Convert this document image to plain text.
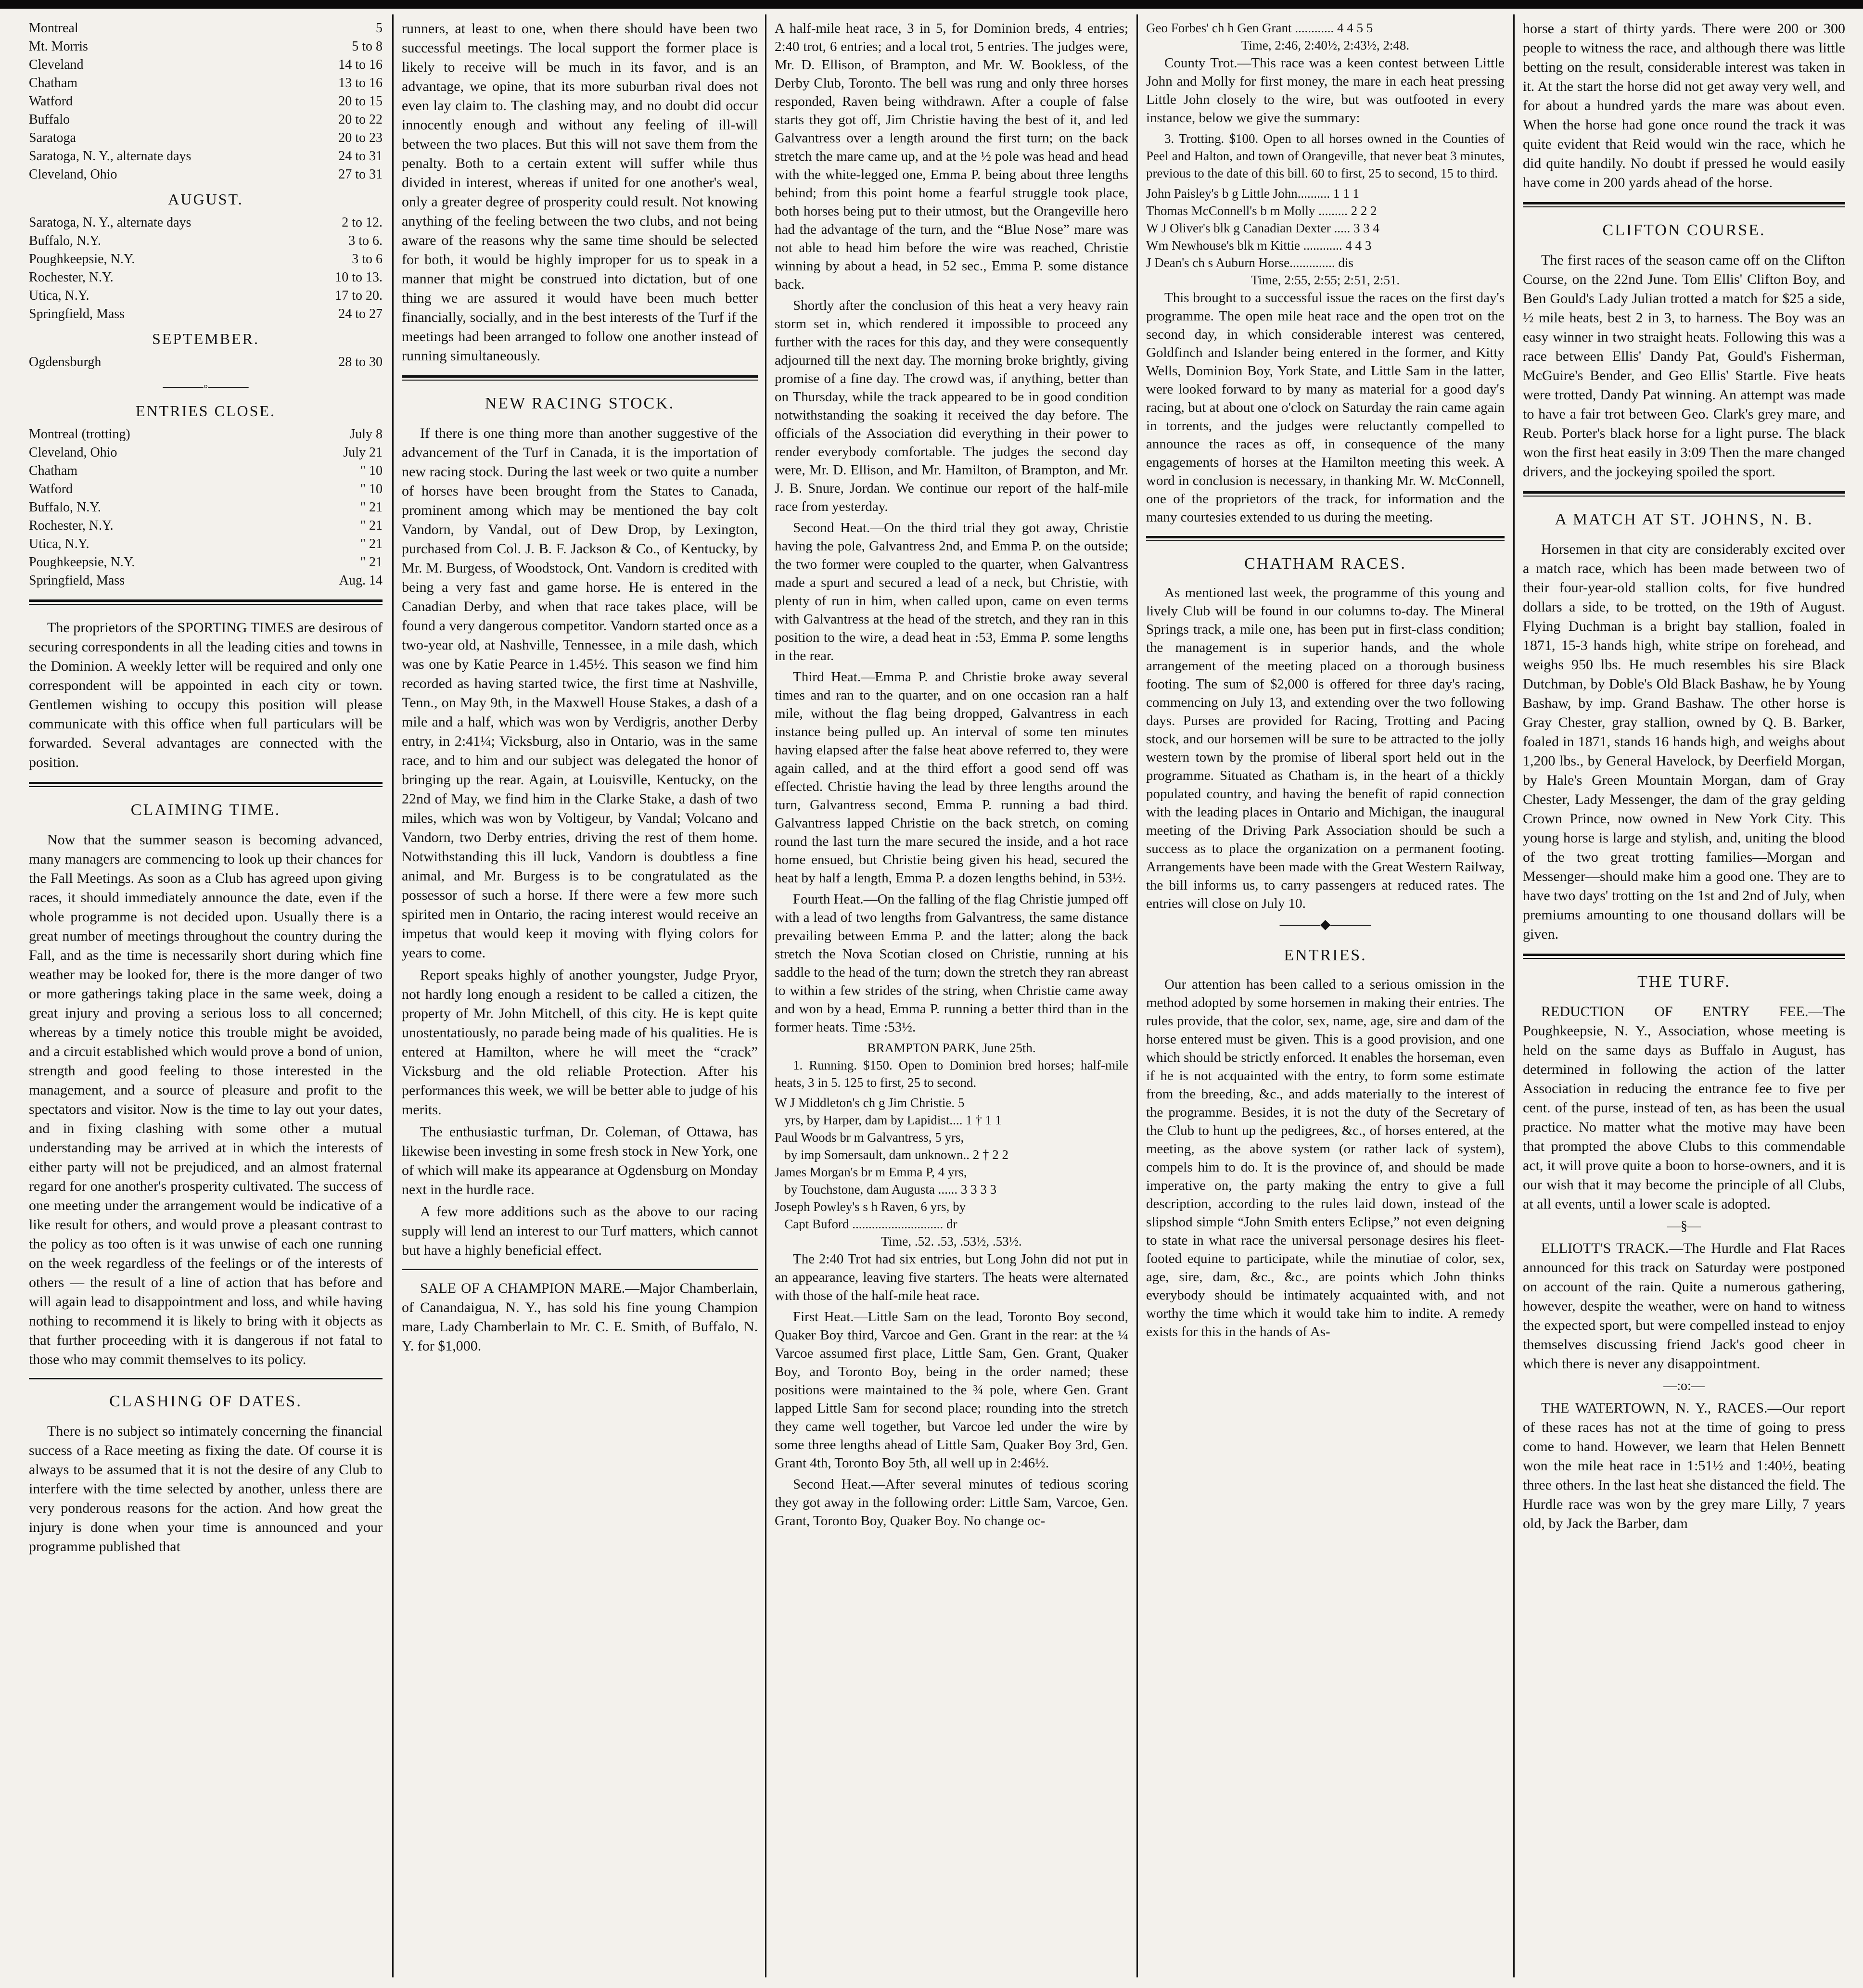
Montreal	5
Mt. Morris	5 to 8
Cleveland	14 to 16
Chatham	13 to 16
Watford	20 to 15
Buffalo	20 to 22
Saratoga	20 to 23
Saratoga, N. Y., alternate days	24 to 31
Cleveland, Ohio	27 to 31
AUGUST.
Saratoga, N. Y., alternate days	2 to 12.
Buffalo, N.Y.	3 to 6.
Poughkeepsie, N.Y.	3 to 6
Rochester, N.Y.	10 to 13.
Utica, N.Y.	17 to 20.
Springfield, Mass	24 to 27
SEPTEMBER.
Ogdensburgh	28 to 30
———◦———
ENTRIES CLOSE.
Montreal (trotting)	July 8
Cleveland, Ohio	July 21
Chatham	" 10
Watford	" 10
Buffalo, N.Y.	" 21
Rochester, N.Y.	" 21
Utica, N.Y.	" 21
Poughkeepsie, N.Y.	" 21
Springfield, Mass	Aug. 14

The proprietors of the SPORTING TIMES are desirous of securing correspondents in all the leading cities and towns in the Dominion. A weekly letter will be required and only one correspondent will be appointed in each city or town. Gentlemen wishing to occupy this position will please communicate with this office when full particulars will be forwarded. Several advantages are connected with the position.

CLAIMING TIME.

Now that the summer season is becoming advanced, many managers are commencing to look up their chances for the Fall Meetings. As soon as a Club has agreed upon giving races, it should immediately announce the date, even if the whole programme is not decided upon. Usually there is a great number of meetings throughout the country during the Fall, and as the time is necessarily short during which fine weather may be looked for, there is the more danger of two or more gatherings taking place in the same week, doing a great injury and proving a serious loss to all concerned; whereas by a timely notice this trouble might be avoided, and a circuit established which would prove a bond of union, strength and good feeling to those interested in the management, and a source of pleasure and profit to the spectators and visitor. Now is the time to lay out your dates, and in fixing clashing with some other a mutual understanding may be arrived at in which the interests of either party will not be prejudiced, and an almost fraternal regard for one another's prosperity cultivated. The success of one meeting under the arrangement would be indicative of a like result for others, and would prove a pleasant contrast to the policy as too often is it was unwise of each one running on the week regardless of the feelings or of the interests of others — the result of a line of action that has before and will again lead to disappointment and loss, and while having nothing to recommend it is likely to bring with it objects as that further proceeding with it is dangerous if not fatal to those who may commit themselves to its policy.

CLASHING OF DATES.

There is no subject so intimately concerning the financial success of a Race meeting as fixing the date. Of course it is always to be assumed that it is not the desire of any Club to interfere with the time selected by another, unless there are very ponderous reasons for the action. And how great the injury is done when your time is announced and your programme published that

runners, at least to one, when there should have been two successful meetings. The local support the former place is likely to receive will be much in its favor, and is an advantage, we opine, that its more suburban rival does not even lay claim to. The clashing may, and no doubt did occur innocently enough and without any feeling of ill-will between the two places. But this will not save them from the penalty. Both to a certain extent will suffer while thus divided in interest, whereas if united for one another's weal, only a greater degree of prosperity could result. Not knowing anything of the feeling between the two clubs, and not being aware of the reasons why the same time should be selected for both, it would be highly improper for us to speak in a manner that might be construed into dictation, but of one thing we are assured it would have been much better financially, socially, and in the best interests of the Turf if the meetings had been arranged to follow one another instead of running simultaneously.

NEW RACING STOCK.

If there is one thing more than another suggestive of the advancement of the Turf in Canada, it is the importation of new racing stock. During the last week or two quite a number of horses have been brought from the States to Canada, prominent among which may be mentioned the bay colt Vandorn, by Vandal, out of Dew Drop, by Lexington, purchased from Col. J. B. F. Jackson & Co., of Kentucky, by Mr. M. Burgess, of Woodstock, Ont. Vandorn is credited with being a very fast and game horse. He is entered in the Canadian Derby, and when that race takes place, will be found a very dangerous competitor. Vandorn started once as a two-year old, at Nashville, Tennessee, in a mile dash, which was one by Katie Pearce in 1.45½. This season we find him recorded as having started twice, the first time at Nashville, Tenn., on May 9th, in the Maxwell House Stakes, a dash of a mile and a half, which was won by Verdigris, another Derby entry, in 2:41¼; Vicksburg, also in Ontario, was in the same race, and to him and our subject was delegated the honor of bringing up the rear. Again, at Louisville, Kentucky, on the 22nd of May, we find him in the Clarke Stake, a dash of two miles, which was won by Voltigeur, by Vandal; Volcano and Vandorn, two Derby entries, driving the rest of them home. Notwithstanding this ill luck, Vandorn is doubtless a fine animal, and Mr. Burgess is to be congratulated as the possessor of such a horse. If there were a few more such spirited men in Ontario, the racing interest would receive an impetus that would keep it moving with flying colors for years to come.

Report speaks highly of another youngster, Judge Pryor, not hardly long enough a resident to be called a citizen, the property of Mr. John Mitchell, of this city. He is kept quite unostentatiously, no parade being made of his qualities. He is entered at Hamilton, where he will meet the “crack” Vicksburg and the old reliable Protection. After his performances this week, we will be better able to judge of his merits.

The enthusiastic turfman, Dr. Coleman, of Ottawa, has likewise been investing in some fresh stock in New York, one of which will make its appearance at Ogdensburg on Monday next in the hurdle race.

A few more additions such as the above to our racing supply will lend an interest to our Turf matters, which cannot but have a highly beneficial effect.

SALE OF A CHAMPION MARE.—Major Chamberlain, of Canandaigua, N. Y., has sold his fine young Champion mare, Lady Chamberlain to Mr. C. E. Smith, of Buffalo, N. Y. for $1,000.

A half-mile heat race, 3 in 5, for Dominion breds, 4 entries; 2:40 trot, 6 entries; and a local trot, 5 entries. The judges were, Mr. D. Ellison, of Brampton, and Mr. W. Bookless, of the Derby Club, Toronto. The bell was rung and only three horses responded, Raven being withdrawn. After a couple of false starts they got off, Jim Christie having the best of it, and led Galvantress over a length around the first turn; on the back stretch the mare came up, and at the ½ pole was head and head with the white-legged one, Emma P. being about three lengths behind; from this point home a fearful struggle took place, both horses being put to their utmost, but the Orangeville hero had the advantage of the turn, and the “Blue Nose” mare was not able to head him before the wire was reached, Christie winning by about a head, in 52 sec., Emma P. some distance back.

Shortly after the conclusion of this heat a very heavy rain storm set in, which rendered it impossible to proceed any further with the races for this day, and they were consequently adjourned till the next day. The morning broke brightly, giving promise of a fine day. The crowd was, if anything, better than on Thursday, while the track appeared to be in good condition notwithstanding the soaking it received the day before. The officials of the Association did everything in their power to render everybody comfortable. The judges the second day were, Mr. D. Ellison, and Mr. Hamilton, of Brampton, and Mr. J. B. Snure, Jordan. We continue our report of the half-mile race from yesterday.

Second Heat.—On the third trial they got away, Christie having the pole, Galvantress 2nd, and Emma P. on the outside; the two former were coupled to the quarter, when Galvantress made a spurt and secured a lead of a neck, but Christie, with plenty of run in him, when called upon, came on even terms with Galvantress at the head of the stretch, and they ran in this position to the wire, a dead heat in :53, Emma P. some lengths in the rear.

Third Heat.—Emma P. and Christie broke away several times and ran to the quarter, and on one occasion ran a half mile, without the flag being dropped, Galvantress in each instance being pulled up. An interval of some ten minutes having elapsed after the false heat above referred to, they were again called, and at the third effort a good send off was effected. Christie having the lead by three lengths around the turn, Galvantress second, Emma P. running a bad third. Galvantress lapped Christie on the back stretch, on coming round the last turn the mare secured the inside, and a hot race home ensued, but Christie being given his head, secured the heat by half a length, Emma P. a dozen lengths behind, in 53½.

Fourth Heat.—On the falling of the flag Christie jumped off with a lead of two lengths from Galvantress, the same distance prevailing between Emma P. and the latter; along the back stretch the Nova Scotian closed on Christie, running at his saddle to the head of the turn; down the stretch they ran abreast to within a few strides of the string, when Christie came away and won by a head, Emma P. running a better third than in the former heats. Time :53½.

BRAMPTON PARK, June 25th.

1. Running. $150. Open to Dominion bred horses; half-mile heats, 3 in 5. 125 to first, 25 to second.

W J Middleton's ch g Jim Christie. 5
yrs, by Harper, dam by Lapidist.... 1 † 1 1
Paul Woods br m Galvantress, 5 yrs,
by imp Somersault, dam unknown.. 2 † 2 2
James Morgan's br m Emma P, 4 yrs,
by Touchstone, dam Augusta ...... 3 3 3 3
Joseph Powley's s h Raven, 6 yrs, by
Capt Buford ............................ dr
Time, .52. .53, .53½, .53½.

The 2:40 Trot had six entries, but Long John did not put in an appearance, leaving five starters. The heats were alternated with those of the half-mile heat race.

First Heat.—Little Sam on the lead, Toronto Boy second, Quaker Boy third, Varcoe and Gen. Grant in the rear: at the ¼ Varcoe assumed first place, Little Sam, Gen. Grant, Quaker Boy, and Toronto Boy, being in the order named; these positions were maintained to the ¾ pole, where Gen. Grant lapped Little Sam for second place; rounding into the stretch they came well together, but Varcoe led under the wire by some three lengths ahead of Little Sam, Quaker Boy 3rd, Gen. Grant 4th, Toronto Boy 5th, all well up in 2:46½.

Second Heat.—After several minutes of tedious scoring they got away in the following order: Little Sam, Varcoe, Gen. Grant, Toronto Boy, Quaker Boy. No change oc-

Geo Forbes' ch h Gen Grant ............ 4 4 5 5
Time, 2:46, 2:40½, 2:43½, 2:48.

County Trot.—This race was a keen contest between Little John and Molly for first money, the mare in each heat pressing Little John closely to the wire, but was outfooted in every instance, below we give the summary:

3. Trotting. $100. Open to all horses owned in the Counties of Peel and Halton, and town of Orangeville, that never beat 3 minutes, previous to the date of this bill. 60 to first, 25 to second, 15 to third.

John Paisley's b g Little John.......... 1 1 1
Thomas McConnell's b m Molly ......... 2 2 2
W J Oliver's blk g Canadian Dexter ..... 3 3 4
Wm Newhouse's blk m Kittie ............ 4 4 3
J Dean's ch s Auburn Horse.............. dis
Time, 2:55, 2:55; 2:51, 2:51.

This brought to a successful issue the races on the first day's programme. The open mile heat race and the open trot on the second day, in which considerable interest was centered, Goldfinch and Islander being entered in the former, and Kitty Wells, Dominion Boy, York State, and Little Sam in the latter, were looked forward to by many as material for a good day's racing, but at about one o'clock on Saturday the rain came again in torrents, and the judges were reluctantly compelled to announce the races as off, in consequence of the many engagements of horses at the Hamilton meeting this week. A word in conclusion is necessary, in thanking Mr. W. McConnell, one of the proprietors of the track, for information and the many courtesies extended to us during the meeting.

CHATHAM RACES.

As mentioned last week, the programme of this young and lively Club will be found in our columns to-day. The Mineral Springs track, a mile one, has been put in first-class condition; the management is in superior hands, and the whole arrangement of the meeting placed on a thorough business footing. The sum of $2,000 is offered for three day's racing, commencing on July 13, and extending over the two following days. Purses are provided for Racing, Trotting and Pacing stock, and our horsemen will be sure to be attracted to the jolly western town by the promise of liberal sport held out in the programme. Situated as Chatham is, in the heart of a thickly populated country, and having the benefit of rapid connection with the leading places in Ontario and Michigan, the inaugural meeting of the Driving Park Association should be such a success as to place the organization on a permanent footing. Arrangements have been made with the Great Western Railway, the bill informs us, to carry passengers at reduced rates. The entries will close on July 10.

———◆———
ENTRIES.

Our attention has been called to a serious omission in the method adopted by some horsemen in making their entries. The rules provide, that the color, sex, name, age, sire and dam of the horse entered must be given. This is a good provision, and one which should be strictly enforced. It enables the horseman, even if he is not acquainted with the entry, to form some estimate from the breeding, &c., and adds materially to the interest of the programme. Besides, it is not the duty of the Secretary of the Club to hunt up the pedigrees, &c., of horses entered, at the meeting, as the above system (or rather lack of system), compels him to do. It is the province of, and should be made imperative on, the party making the entry to give a full description, according to the rules laid down, instead of the slipshod simple “John Smith enters Eclipse,” not even deigning to state in what race the universal personage desires his fleet-footed equine to participate, while the minutiae of color, sex, age, sire, dam, &c., &c., are points which John thinks everybody should be intimately acquainted with, and not worthy the time which it would take him to indite. A remedy exists for this in the hands of As-

horse a start of thirty yards. There were 200 or 300 people to witness the race, and although there was little betting on the result, considerable interest was taken in it. At the start the horse did not get away very well, and for about a hundred yards the mare was about even. When the horse had gone once round the track it was quite evident that Reid would win the race, which he did quite handily. No doubt if pressed he would easily have come in 200 yards ahead of the horse.

CLIFTON COURSE.

The first races of the season came off on the Clifton Course, on the 22nd June. Tom Ellis' Clifton Boy, and Ben Gould's Lady Julian trotted a match for $25 a side, ½ mile heats, best 2 in 3, to harness. The Boy was an easy winner in two straight heats. Following this was a race between Ellis' Dandy Pat, Gould's Fisherman, McGuire's Bender, and Geo Ellis' Startle. Five heats were trotted, Dandy Pat winning. An attempt was made to have a fair trot between Geo. Clark's grey mare, and Reub. Porter's black horse for a light purse. The black won the first heat easily in 3:09 Then the mare changed drivers, and the jockeying spoiled the sport.

A MATCH AT ST. JOHNS, N. B.

Horsemen in that city are considerably excited over a match race, which has been made between two of their four-year-old stallion colts, for five hundred dollars a side, to be trotted, on the 19th of August. Flying Duchman is a bright bay stallion, foaled in 1871, 15-3 hands high, white stripe on forehead, and weighs 950 lbs. He much resembles his sire Black Dutchman, by Doble's Old Black Bashaw, he by Young Bashaw, by imp. Grand Bashaw. The other horse is Gray Chester, gray stallion, owned by Q. B. Barker, foaled in 1871, stands 16 hands high, and weighs about 1,200 lbs., by General Havelock, by Deerfield Morgan, by Hale's Green Mountain Morgan, dam of Gray Chester, Lady Messenger, the dam of the gray gelding Crown Prince, now owned in New York City. This young horse is large and stylish, and, uniting the blood of the two great trotting families—Morgan and Messenger—should make him a good one. They are to have two days' trotting on the 1st and 2nd of July, when premiums amounting to one thousand dollars will be given.

THE TURF.

REDUCTION OF ENTRY FEE.—The Poughkeepsie, N. Y., Association, whose meeting is held on the same days as Buffalo in August, has determined in following the action of the latter Association in reducing the entrance fee to five per cent. of the purse, instead of ten, as has been the usual practice. No matter what the motive may have been that prompted the above Clubs to this commendable act, it will prove quite a boon to horse-owners, and it is our wish that it may become the principle of all Clubs, at all events, until a lower scale is adopted.

—§—

ELLIOTT'S TRACK.—The Hurdle and Flat Races announced for this track on Saturday were postponed on account of the rain. Quite a numerous gathering, however, despite the weather, were on hand to witness the expected sport, but were compelled instead to enjoy themselves discussing friend Jack's good cheer in which there is never any disappointment.

—:o:—

THE WATERTOWN, N. Y., RACES.—Our report of these races has not at the time of going to press come to hand. However, we learn that Helen Bennett won the mile heat race in 1:51½ and 1:40½, beating three others. In the last heat she distanced the field. The Hurdle race was won by the grey mare Lilly, 7 years old, by Jack the Barber, dam
